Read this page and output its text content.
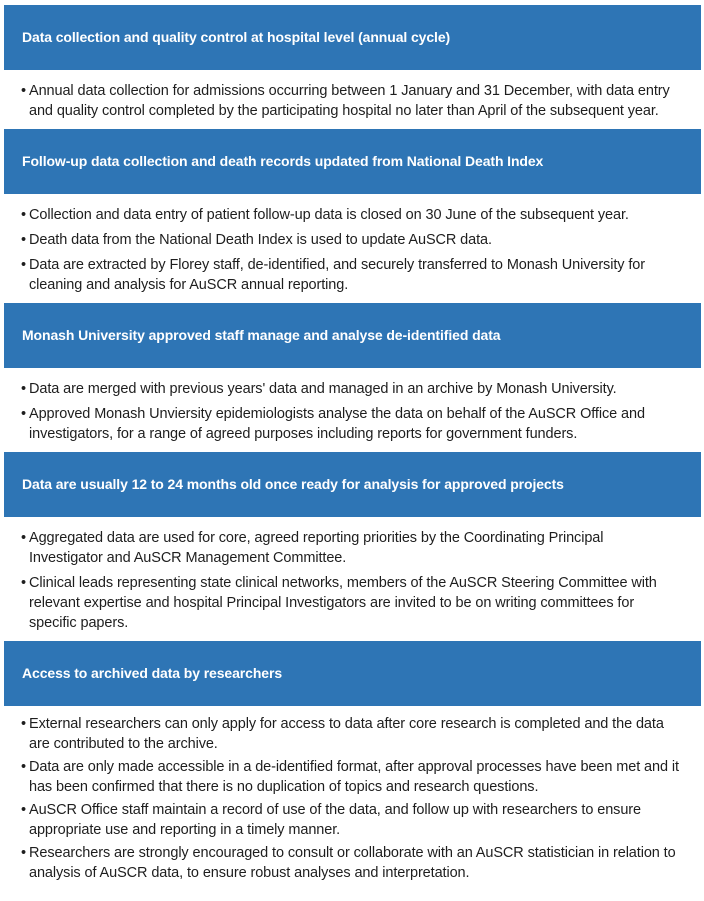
Data collection and quality control at hospital level (annual cycle)
• Annual data collection for admissions occurring between 1 January and 31 December, with data entry and quality control completed by the participating hospital no later than April of the subsequent year.
Follow-up data collection and death records updated from National Death Index
• Collection and data entry of patient follow-up data is closed on 30 June of the subsequent year.
• Death data from the National Death Index is used to update AuSCR data.
• Data are extracted by Florey staff, de-identified, and securely transferred to Monash University for cleaning and analysis for AuSCR annual reporting.
Monash University approved staff manage and analyse de-identified data
• Data are merged with previous years' data and managed in an archive by Monash University.
• Approved Monash Unviersity epidemiologists analyse the data on behalf of the AuSCR Office and investigators, for a range of agreed purposes including reports for government funders.
Data are usually 12 to 24 months old once ready for analysis for approved projects
• Aggregated data are used for core, agreed reporting priorities by the Coordinating Principal Investigator and AuSCR Management Committee.
• Clinical leads representing state clinical networks, members of the AuSCR Steering Committee with relevant expertise and hospital Principal Investigators are invited to be on writing committees for specific papers.
Access to archived data by researchers
• External researchers can only apply for access to data after core research is completed and the data are contributed to the archive.
• Data are only made accessible in a de-identified format, after approval processes have been met and it has been confirmed that there is no duplication of topics and research questions.
• AuSCR Office staff maintain a record of use of the data, and follow up with researchers to ensure appropriate use and reporting in a timely manner.
• Researchers are strongly encouraged to consult or collaborate with an AuSCR statistician in relation to analysis of AuSCR data, to ensure robust analyses and interpretation.
